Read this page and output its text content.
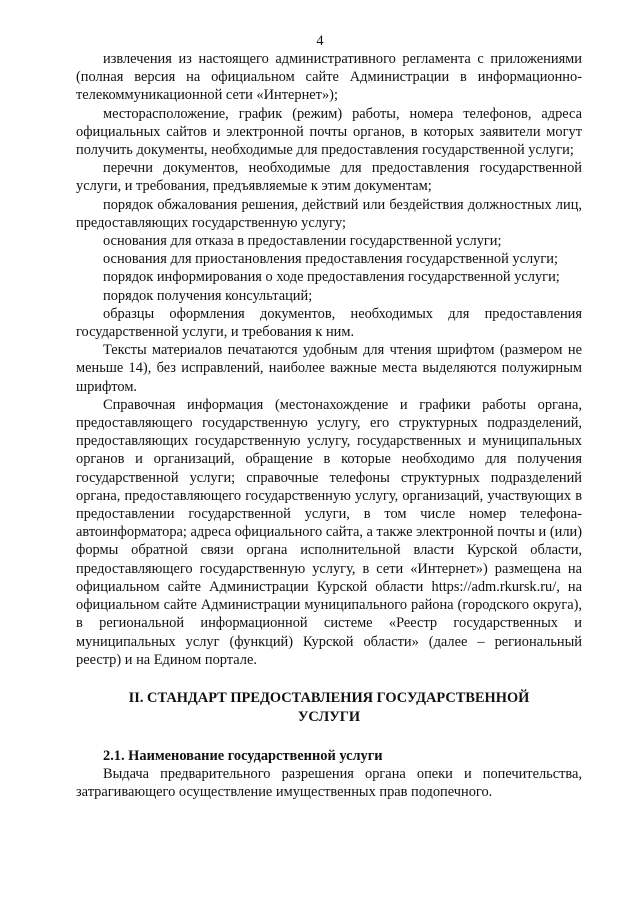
4

извлечения из настоящего административного регламента с приложениями (полная версия на официальном сайте Администрации в информационно-телекоммуникационной сети «Интернет»);

месторасположение, график (режим) работы, номера телефонов, адреса официальных сайтов и электронной почты органов, в которых заявители могут получить документы, необходимые для предоставления государственной услуги;

перечни документов, необходимые для предоставления государственной услуги, и требования, предъявляемые к этим документам;

порядок обжалования решения, действий или бездействия должностных лиц, предоставляющих государственную услугу;

основания для отказа в предоставлении государственной услуги;

основания для приостановления предоставления государственной услуги;

порядок информирования о ходе предоставления государственной услуги;

порядок получения консультаций;

образцы оформления документов, необходимых для предоставления государственной услуги, и требования к ним.

Тексты материалов печатаются удобным для чтения шрифтом (размером не меньше 14), без исправлений, наиболее важные места выделяются полужирным шрифтом.

Справочная информация (местонахождение и графики работы органа, предоставляющего государственную услугу, его структурных подразделений, предоставляющих государственную услугу, государственных и муниципальных органов и организаций, обращение в которые необходимо для получения государственной услуги; справочные телефоны структурных подразделений органа, предоставляющего государственную услугу, организаций, участвующих в предоставлении государственной услуги, в том числе номер телефона-автоинформатора; адреса официального сайта, а также электронной почты и (или) формы обратной связи органа исполнительной власти Курской области, предоставляющего государственную услугу, в сети «Интернет») размещена на официальном сайте Администрации Курской области https://adm.rkursk.ru/, на официальном сайте Администрации муниципального района (городского округа), в региональной информационной системе «Реестр государственных и муниципальных услуг (функций) Курской области» (далее – региональный реестр) и на Едином портале.

II. СТАНДАРТ ПРЕДОСТАВЛЕНИЯ ГОСУДАРСТВЕННОЙ УСЛУГИ

2.1. Наименование государственной услуги

Выдача предварительного разрешения органа опеки и попечительства, затрагивающего осуществление имущественных прав подопечного.
